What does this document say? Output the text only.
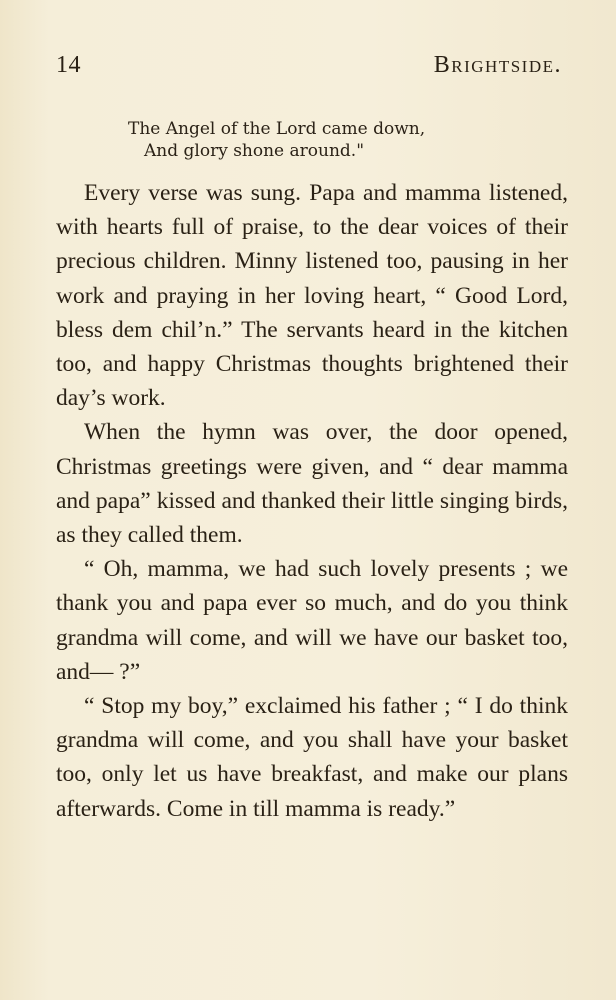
14	Brightside.
The Angel of the Lord came down,
And glory shone around."

Every verse was sung. Papa and mamma listened, with hearts full of praise, to the dear voices of their precious children. Minny listened too, pausing in her work and praying in her loving heart, “ Good Lord, bless dem chil’n.” The servants heard in the kitchen too, and happy Christmas thoughts brightened their day’s work.

When the hymn was over, the door opened, Christmas greetings were given, and “ dear mamma and papa” kissed and thanked their little singing birds, as they called them.

“ Oh, mamma, we had such lovely presents ; we thank you and papa ever so much, and do you think grandma will come, and will we have our basket too, and— ?”

“ Stop my boy,” exclaimed his father ; “ I do think grandma will come, and you shall have your basket too, only let us have breakfast, and make our plans afterwards. Come in till mamma is ready.”
